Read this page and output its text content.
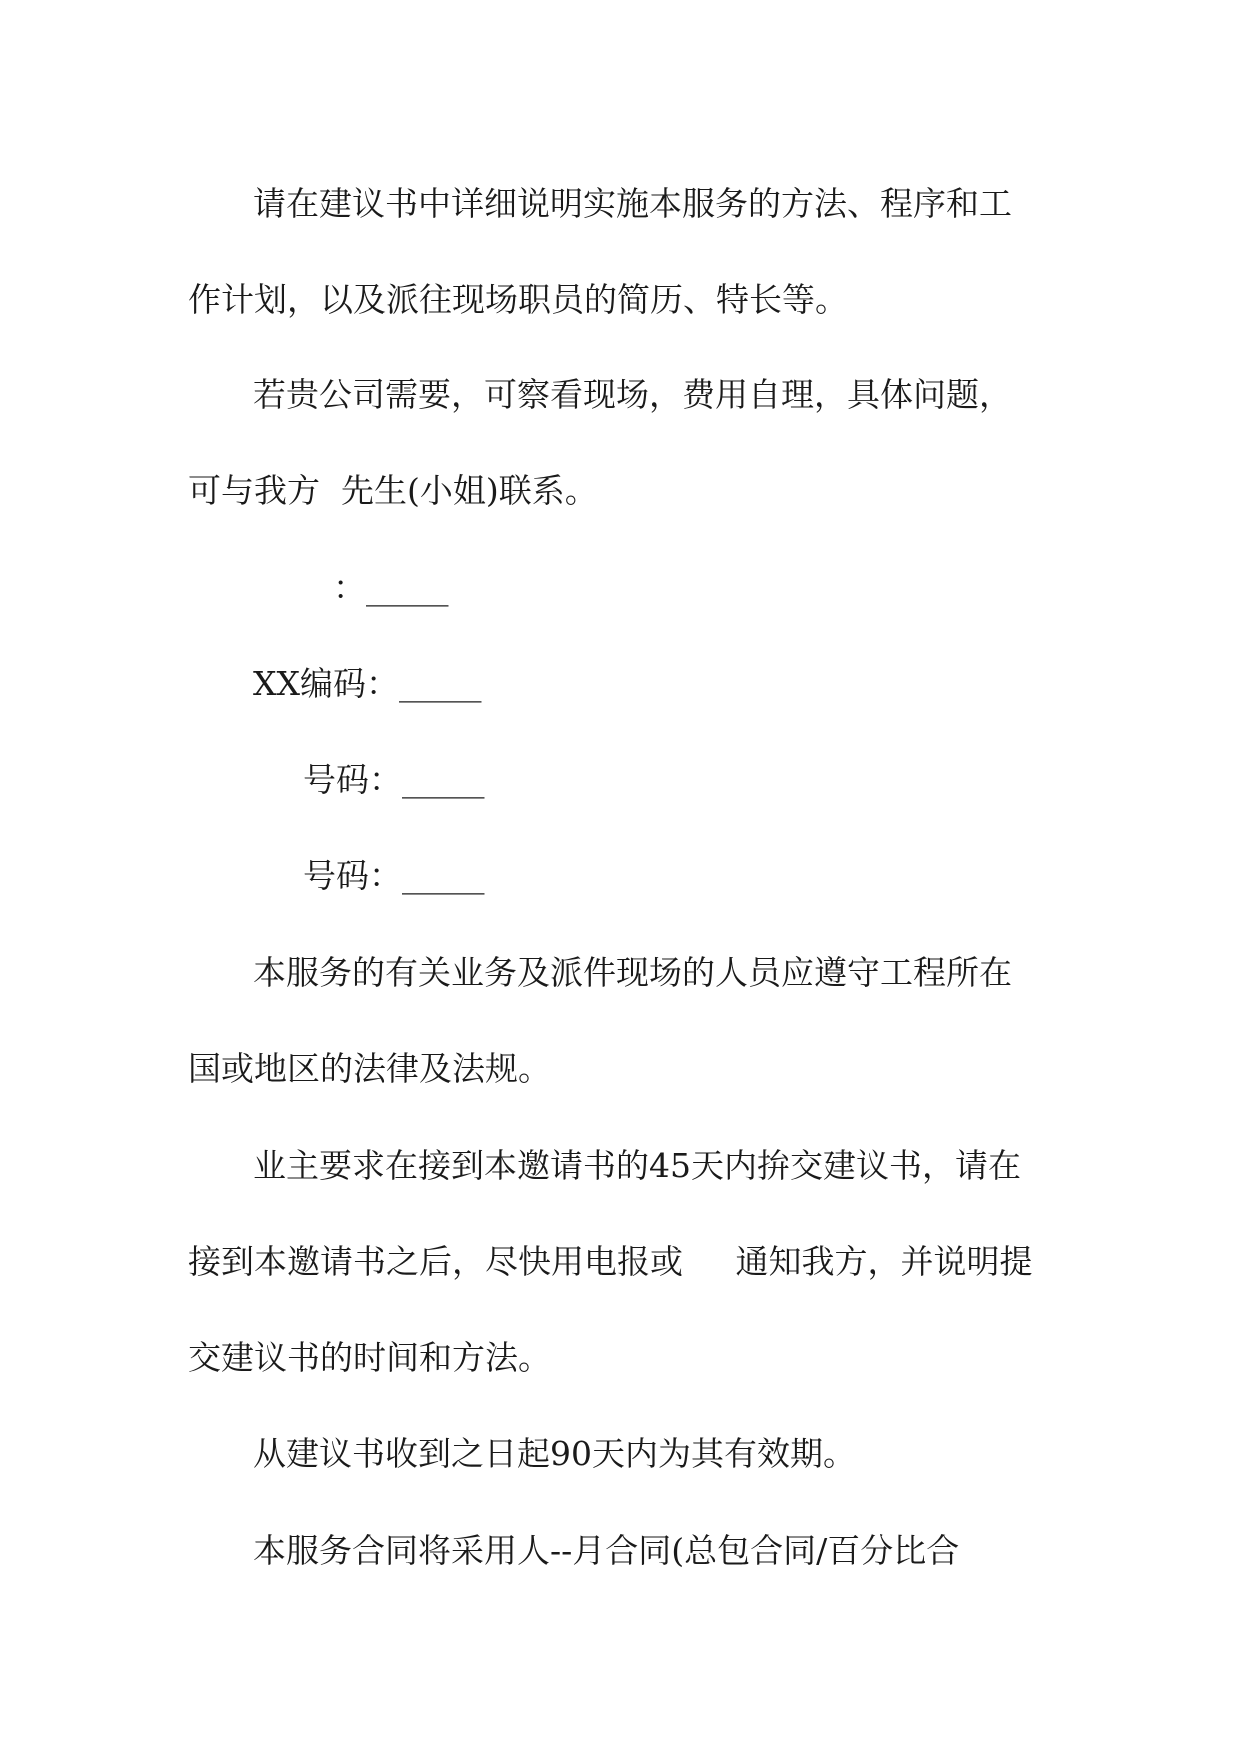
请在建议书中详细说明实施本服务的方法、程序和工
作计划，以及派往现场职员的简历、特长等。
若贵公司需要，可察看现场，费用自理，具体问题，
可与我方  先生(小姐)联系。
：_____
XX编码：_____
号码：_____
号码：_____
本服务的有关业务及派件现场的人员应遵守工程所在
国或地区的法律及法规。
业主要求在接到本邀请书的45天内拚交建议书，请在
接到本邀请书之后，尽快用电报或     通知我方，并说明提
交建议书的时间和方法。
从建议书收到之日起90天内为其有效期。
本服务合同将采用人--月合同(总包合同/百分比合
